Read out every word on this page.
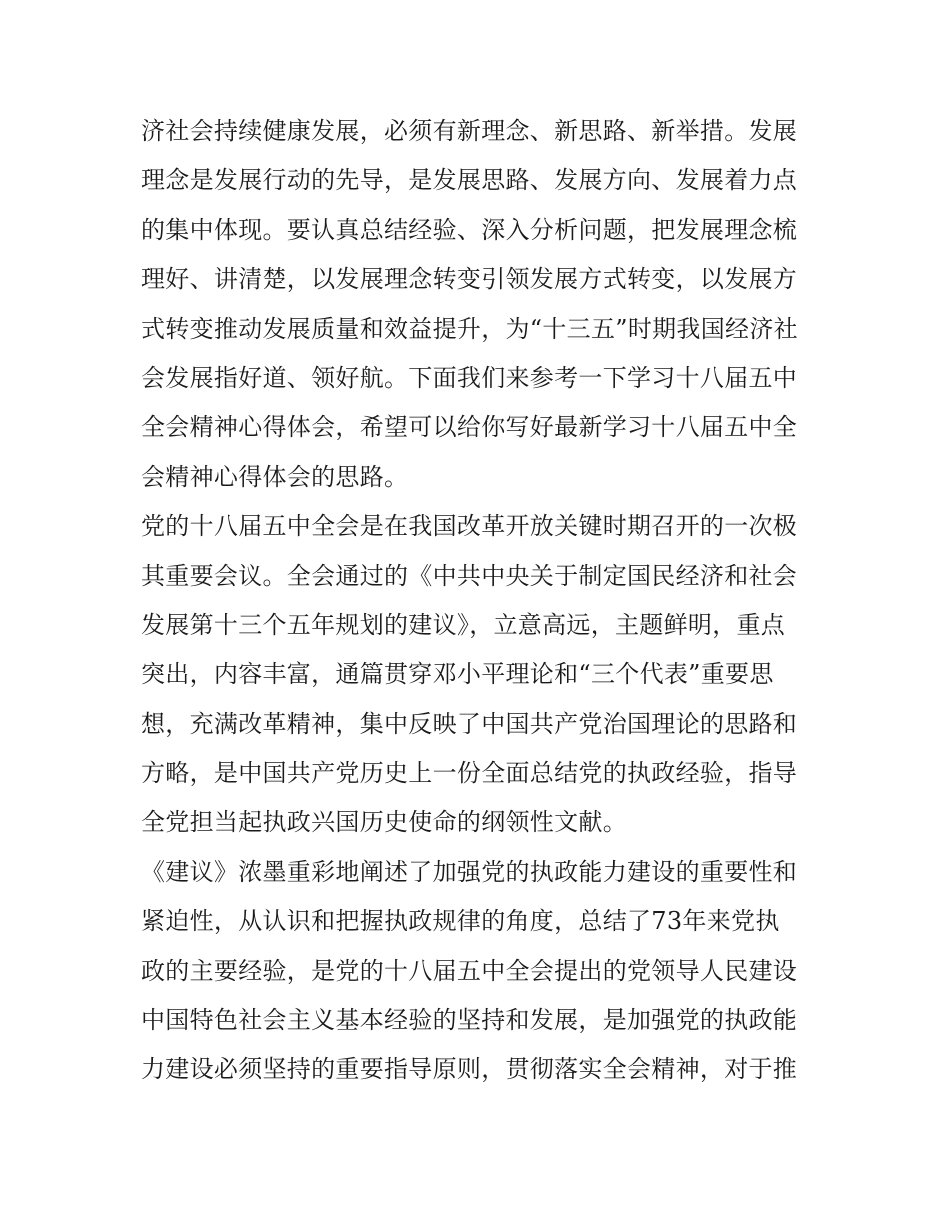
济社会持续健康发展，必须有新理念、新思路、新举措。发展
理念是发展行动的先导，是发展思路、发展方向、发展着力点
的集中体现。要认真总结经验、深入分析问题，把发展理念梳
理好、讲清楚，以发展理念转变引领发展方式转变，以发展方
式转变推动发展质量和效益提升，为“十三五”时期我国经济社
会发展指好道、领好航。下面我们来参考一下学习十八届五中
全会精神心得体会，希望可以给你写好最新学习十八届五中全
会精神心得体会的思路。
党的十八届五中全会是在我国改革开放关键时期召开的一次极
其重要会议。全会通过的《中共中央关于制定国民经济和社会
发展第十三个五年规划的建议》，立意高远，主题鲜明，重点
突出，内容丰富，通篇贯穿邓小平理论和“三个代表”重要思
想，充满改革精神，集中反映了中国共产党治国理论的思路和
方略，是中国共产党历史上一份全面总结党的执政经验，指导
全党担当起执政兴国历史使命的纲领性文献。
《建议》浓墨重彩地阐述了加强党的执政能力建设的重要性和
紧迫性，从认识和把握执政规律的角度，总结了73年来党执
政的主要经验，是党的十八届五中全会提出的党领导人民建设
中国特色社会主义基本经验的坚持和发展，是加强党的执政能
力建设必须坚持的重要指导原则，贯彻落实全会精神，对于推
